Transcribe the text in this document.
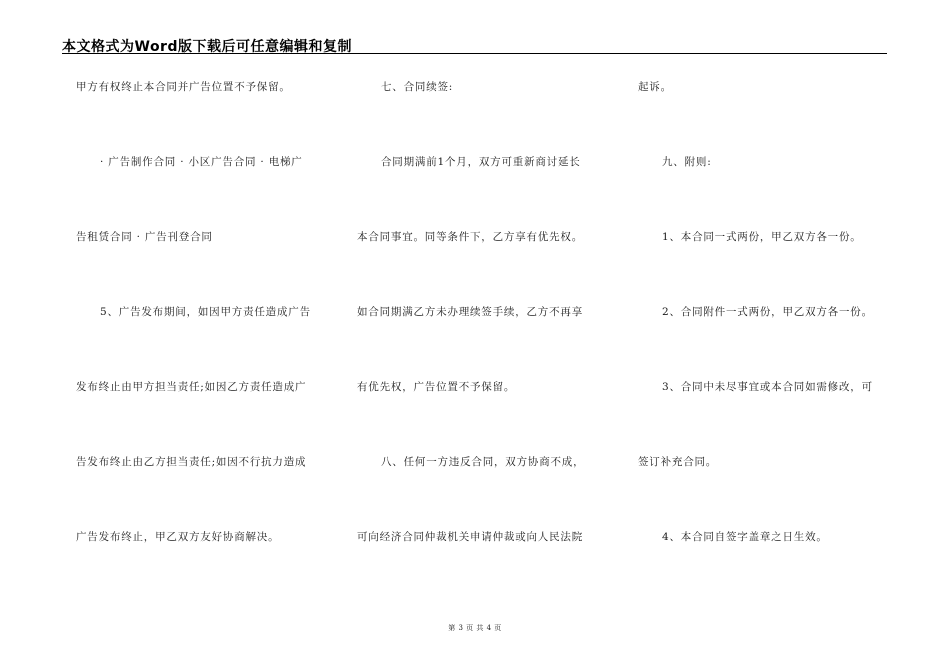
本文格式为Word版下载后可任意编辑和复制
甲方有权终止本合同并广告位置不予保留。
· 广告制作合同 · 小区广告合同 · 电梯广
告租赁合同 · 广告刊登合同
5、广告发布期间，如因甲方责任造成广告
发布终止由甲方担当责任;如因乙方责任造成广
告发布终止由乙方担当责任;如因不行抗力造成
广告发布终止，甲乙双方友好协商解决。
七、合同续签:
合同期满前1个月，双方可重新商讨延长
本合同事宜。同等条件下，乙方享有优先权。
如合同期满乙方未办理续签手续，乙方不再享
有优先权，广告位置不予保留。
八、任何一方违反合同，双方协商不成，
可向经济合同仲裁机关申请仲裁或向人民法院
起诉。
九、附则:
1、本合同一式两份，甲乙双方各一份。
2、合同附件一式两份，甲乙双方各一份。
3、合同中未尽事宜或本合同如需修改，可
签订补充合同。
4、本合同自签字盖章之日生效。
第 3 页 共 4 页
